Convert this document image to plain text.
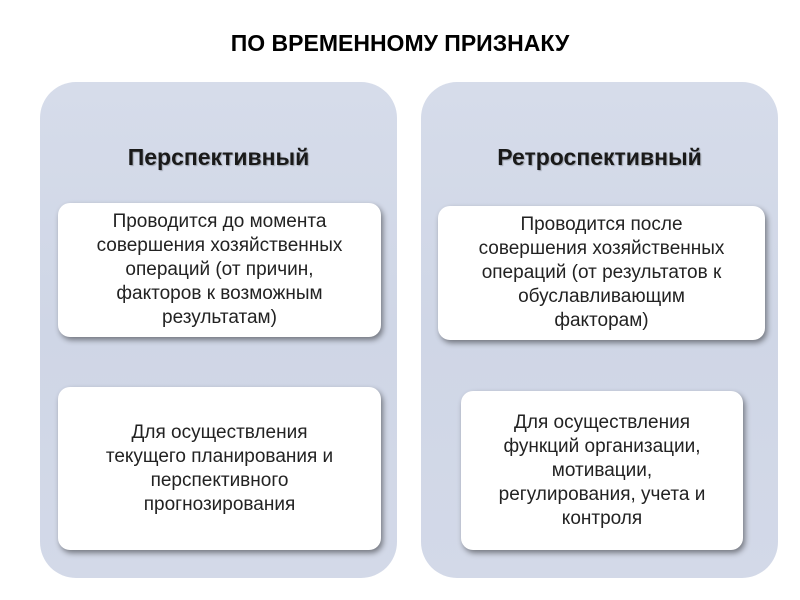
ПО ВРЕМЕННОМУ ПРИЗНАКУ
Перспективный
Проводится до момента
совершения хозяйственных
операций (от причин,
факторов к возможным
результатам)
Для осуществления
текущего планирования и
перспективного
прогнозирования
Ретроспективный
Проводится после
совершения хозяйственных
операций (от результатов к
обуславливающим
факторам)
Для осуществления
функций организации,
мотивации,
регулирования, учета и
контроля
